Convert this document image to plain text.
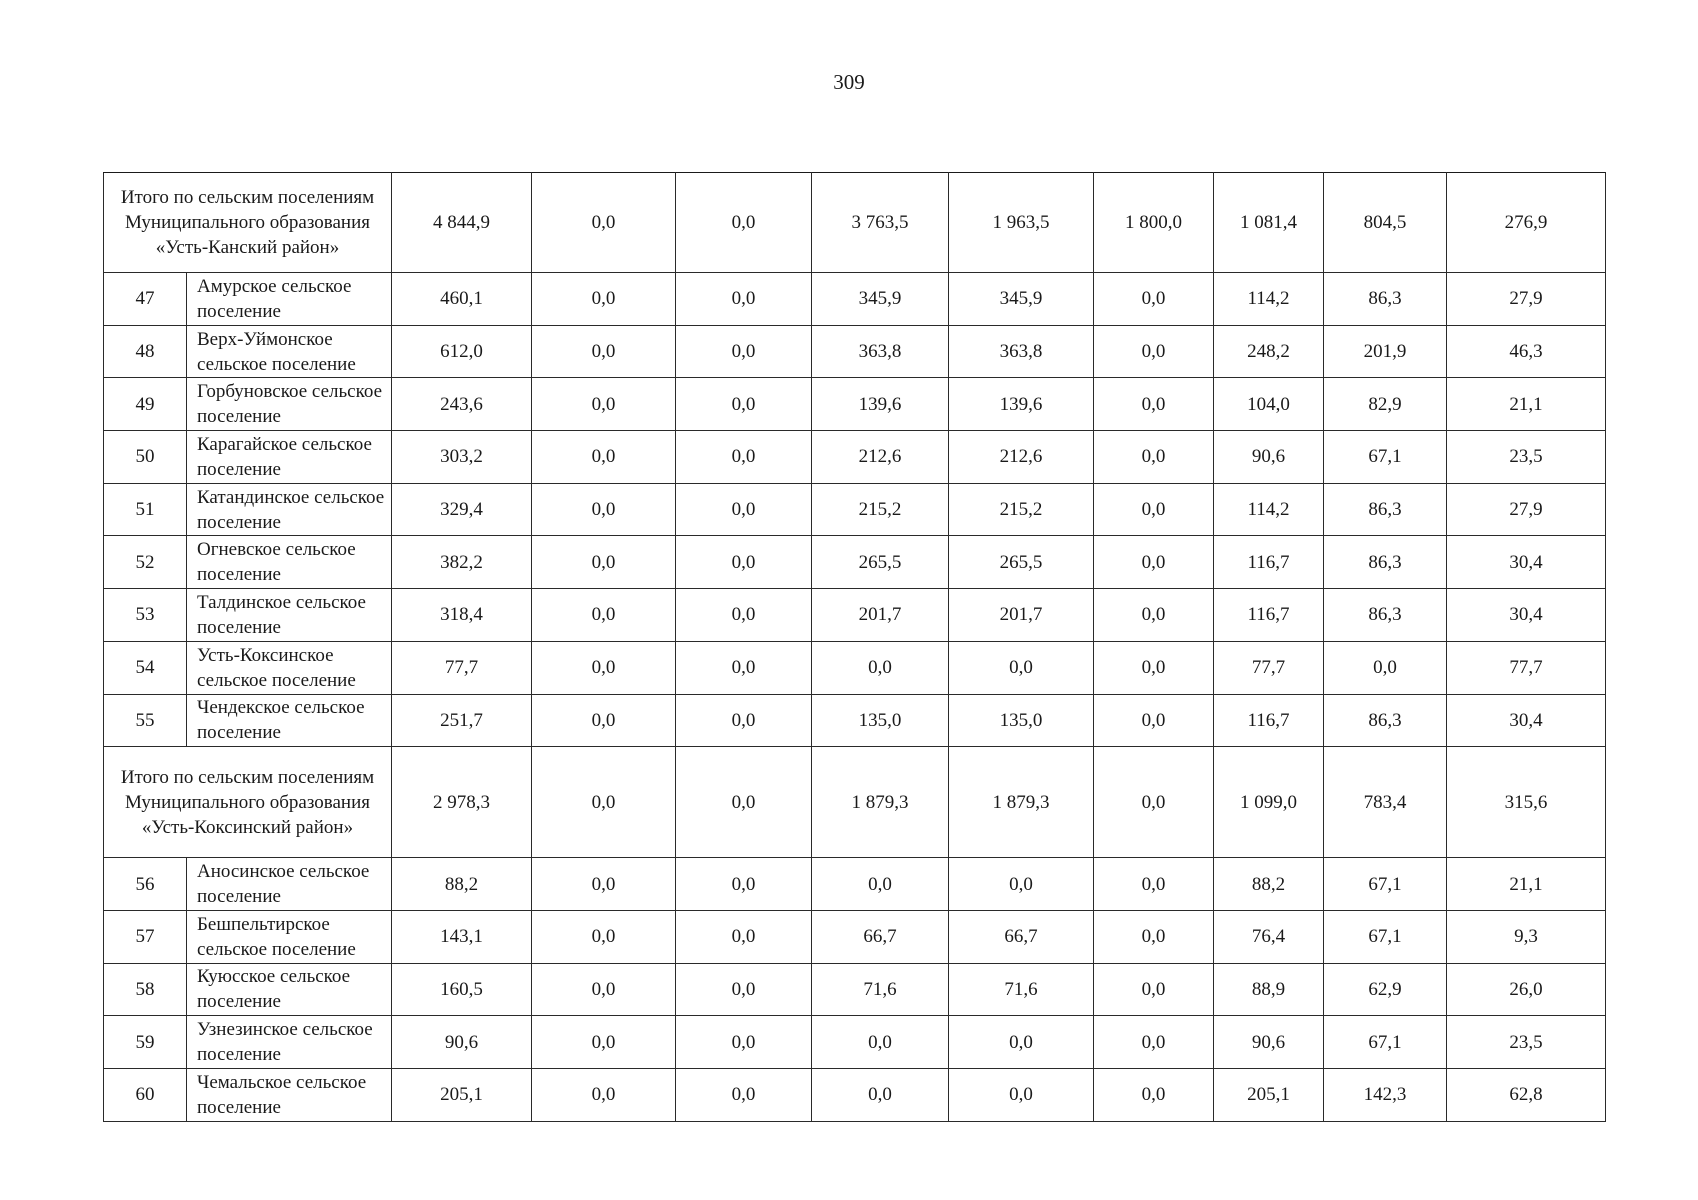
309
Итого по сельским поселениям Муниципального образования «Усть-Канский район»		4 844,9	0,0	0,0	3 763,5	1 963,5	1 800,0	1 081,4	804,5	276,9
47	Амурское сельское поселение	460,1	0,0	0,0	345,9	345,9	0,0	114,2	86,3	27,9
48	Верх-Уймонское сельское поселение	612,0	0,0	0,0	363,8	363,8	0,0	248,2	201,9	46,3
49	Горбуновское сельское поселение	243,6	0,0	0,0	139,6	139,6	0,0	104,0	82,9	21,1
50	Карагайское сельское поселение	303,2	0,0	0,0	212,6	212,6	0,0	90,6	67,1	23,5
51	Катандинское сельское поселение	329,4	0,0	0,0	215,2	215,2	0,0	114,2	86,3	27,9
52	Огневское сельское поселение	382,2	0,0	0,0	265,5	265,5	0,0	116,7	86,3	30,4
53	Талдинское сельское поселение	318,4	0,0	0,0	201,7	201,7	0,0	116,7	86,3	30,4
54	Усть-Коксинское сельское поселение	77,7	0,0	0,0	0,0	0,0	0,0	77,7	0,0	77,7
55	Чендекское сельское поселение	251,7	0,0	0,0	135,0	135,0	0,0	116,7	86,3	30,4
Итого по сельским поселениям Муниципального образования «Усть-Коксинский район»		2 978,3	0,0	0,0	1 879,3	1 879,3	0,0	1 099,0	783,4	315,6
56	Аносинское сельское поселение	88,2	0,0	0,0	0,0	0,0	0,0	88,2	67,1	21,1
57	Бешпельтирское сельское поселение	143,1	0,0	0,0	66,7	66,7	0,0	76,4	67,1	9,3
58	Куюсское сельское поселение	160,5	0,0	0,0	71,6	71,6	0,0	88,9	62,9	26,0
59	Узнезинское сельское поселение	90,6	0,0	0,0	0,0	0,0	0,0	90,6	67,1	23,5
60	Чемальское сельское поселение	205,1	0,0	0,0	0,0	0,0	0,0	205,1	142,3	62,8
